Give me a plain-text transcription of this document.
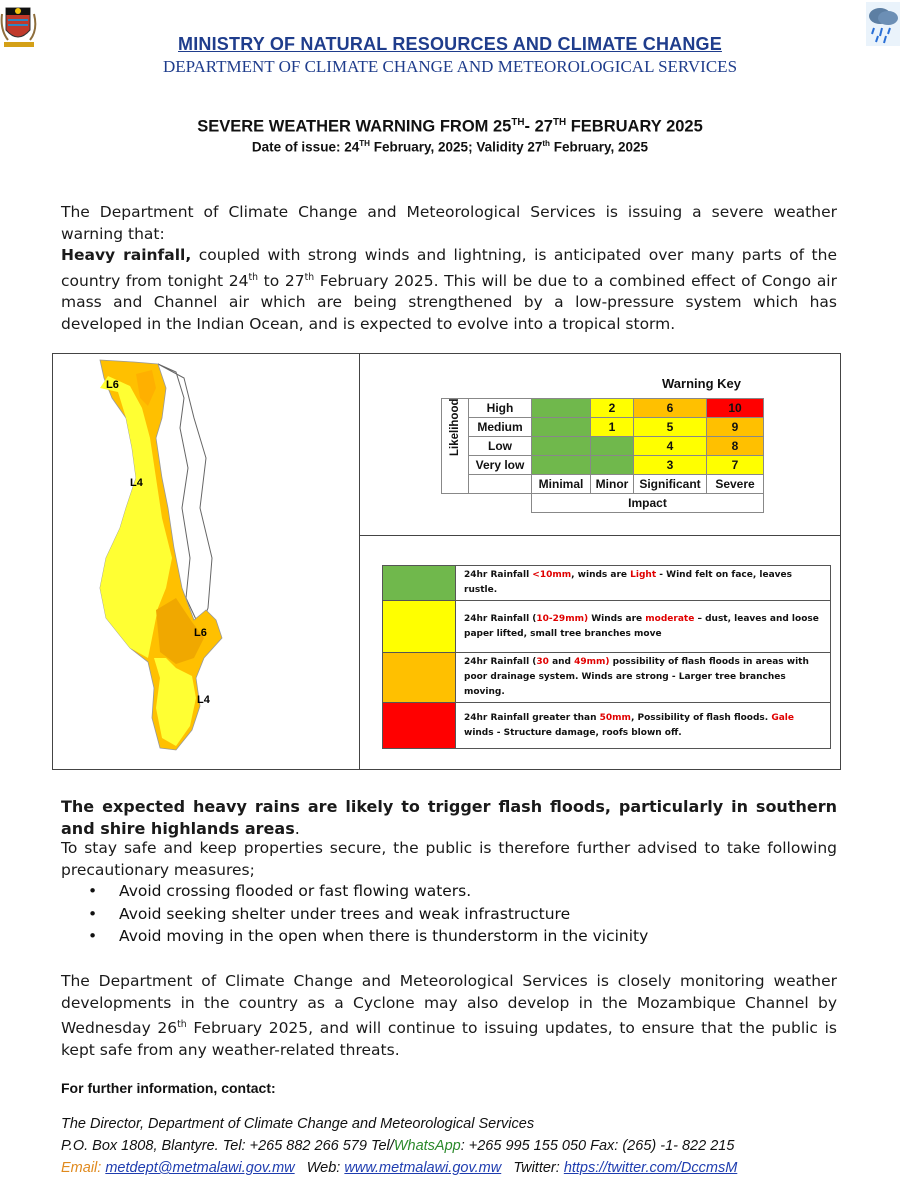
MINISTRY OF NATURAL RESOURCES AND CLIMATE CHANGE
DEPARTMENT OF CLIMATE CHANGE AND METEOROLOGICAL SERVICES
SEVERE WEATHER WARNING FROM 25TH- 27TH FEBRUARY 2025
Date of issue: 24TH February, 2025; Validity 27th February, 2025
The Department of Climate Change and Meteorological Services is issuing a severe weather warning that:
Heavy rainfall, coupled with strong winds and lightning, is anticipated over many parts of the country from tonight 24th to 27th February 2025. This will be due to a combined effect of Congo air mass and Channel air which are being strengthened by a low-pressure system which has developed in the Indian Ocean, and is expected to evolve into a tropical storm.
L6
L4
L6
L4
Warning Key
Likelihood	High		2	6	10
	Medium		1	5	9
	Low			4	8
	Very low			3	7
		Minimal	Minor	Significant	Severe
		Impact			
	24hr Rainfall <10mm, winds are Light - Wind felt on face, leaves rustle.
	24hr Rainfall (10-29mm) Winds are moderate – dust, leaves and loose paper lifted, small tree branches move
	24hr Rainfall (30 and 49mm) possibility of flash floods in areas with poor drainage system. Winds are strong - Larger tree branches moving.
	24hr Rainfall greater than 50mm, Possibility of flash floods. Gale winds - Structure damage, roofs blown off.
The expected heavy rains are likely to trigger flash floods, particularly in southern and shire highlands areas.
To stay safe and keep properties secure, the public is therefore further advised to take following precautionary measures;
• Avoid crossing flooded or fast flowing waters.
• Avoid seeking shelter under trees and weak infrastructure
• Avoid moving in the open when there is thunderstorm in the vicinity
The Department of Climate Change and Meteorological Services is closely monitoring weather developments in the country as a Cyclone may also develop in the Mozambique Channel by Wednesday 26th February 2025, and will continue to issuing updates, to ensure that the public is kept safe from any weather-related threats.
For further information, contact:
The Director, Department of Climate Change and Meteorological Services
P.O. Box 1808, Blantyre. Tel: +265 882 266 579 Tel/WhatsApp: +265 995 155 050 Fax: (265) -1- 822 215
Email: metdept@metmalawi.gov.mw Web: www.metmalawi.gov.mw Twitter: https://twitter.com/DccmsM
